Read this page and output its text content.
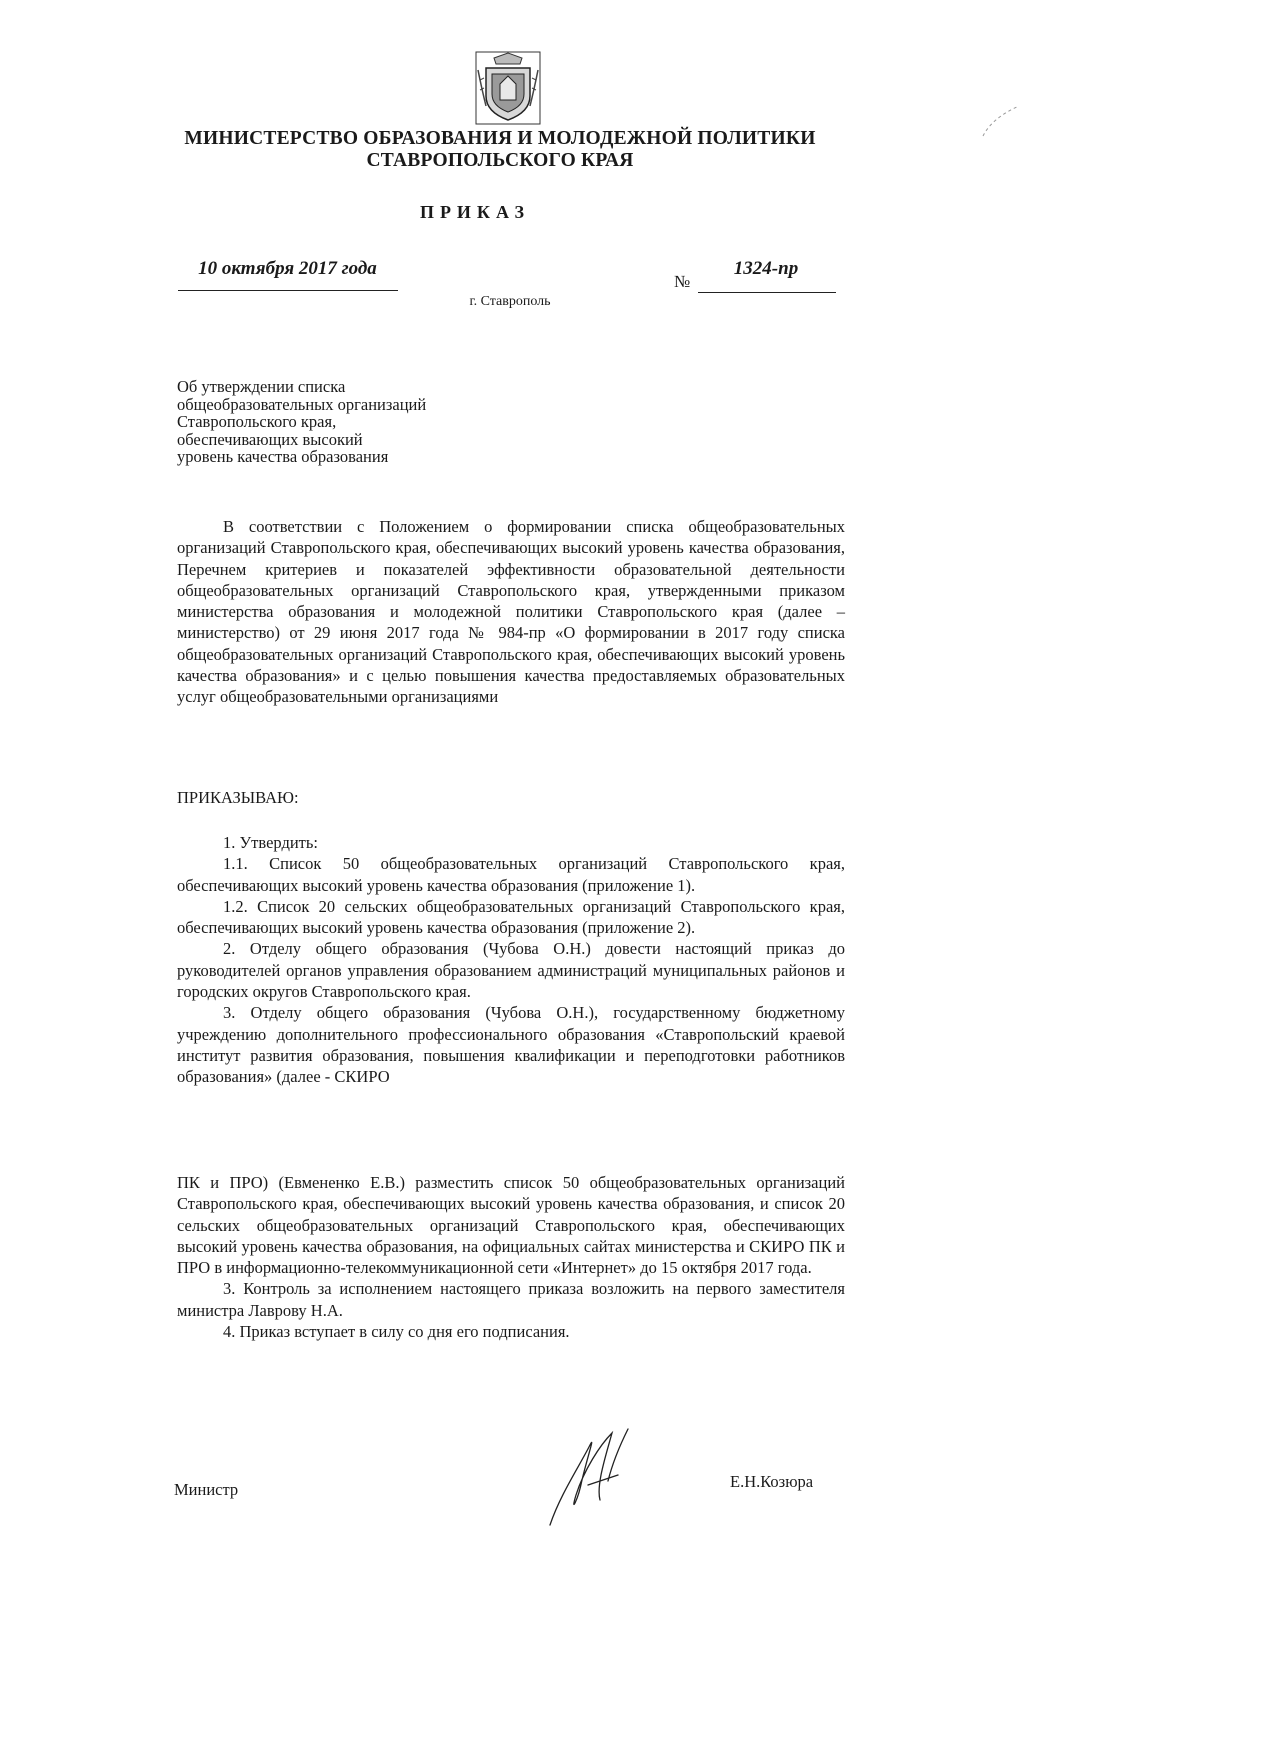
МИНИСТЕРСТВО ОБРАЗОВАНИЯ И МОЛОДЕЖНОЙ ПОЛИТИКИ
СТАВРОПОЛЬСКОГО КРАЯ
ПРИКАЗ
10 октября 2017 года
№
1324-пр
г. Ставрополь
Об утверждении списка
общеобразовательных организаций
Ставропольского края,
обеспечивающих высокий
уровень качества образования

В соответствии с Положением о формировании списка общеобразовательных организаций Ставропольского края, обеспечивающих высокий уровень качества образования, Перечнем критериев и показателей эффективности образовательной деятельности общеобразовательных организаций Ставропольского края, утвержденными приказом министерства образования и молодежной политики Ставропольского края (далее – министерство) от 29 июня 2017 года № 984-пр «О формировании в 2017 году списка общеобразовательных организаций Ставропольского края, обеспечивающих высокий уровень качества образования» и с целью повышения качества предоставляемых образовательных услуг общеобразовательными организациями

ПРИКАЗЫВАЮ:

1. Утвердить:

1.1. Список 50 общеобразовательных организаций Ставропольского края, обеспечивающих высокий уровень качества образования (приложение 1).

1.2. Список 20 сельских общеобразовательных организаций Ставропольского края, обеспечивающих высокий уровень качества образования (приложение 2).

2. Отделу общего образования (Чубова О.Н.) довести настоящий приказ до руководителей органов управления образованием администраций муниципальных районов и городских округов Ставропольского края.

3. Отделу общего образования (Чубова О.Н.), государственному бюджетному учреждению дополнительного профессионального образования «Ставропольский краевой институт развития образования, повышения квалификации и переподготовки работников образования» (далее - СКИРО

ПК и ПРО) (Евмененко Е.В.) разместить список 50 общеобразовательных организаций Ставропольского края, обеспечивающих высокий уровень качества образования, и список 20 сельских общеобразовательных организаций Ставропольского края, обеспечивающих высокий уровень качества образования, на официальных сайтах министерства и СКИРО ПК и ПРО в информационно-телекоммуникационной сети «Интернет» до 15 октября 2017 года.

3. Контроль за исполнением настоящего приказа возложить на первого заместителя министра Лаврову Н.А.

4. Приказ вступает в силу со дня его подписания.

Министр	Е.Н.Козюра
